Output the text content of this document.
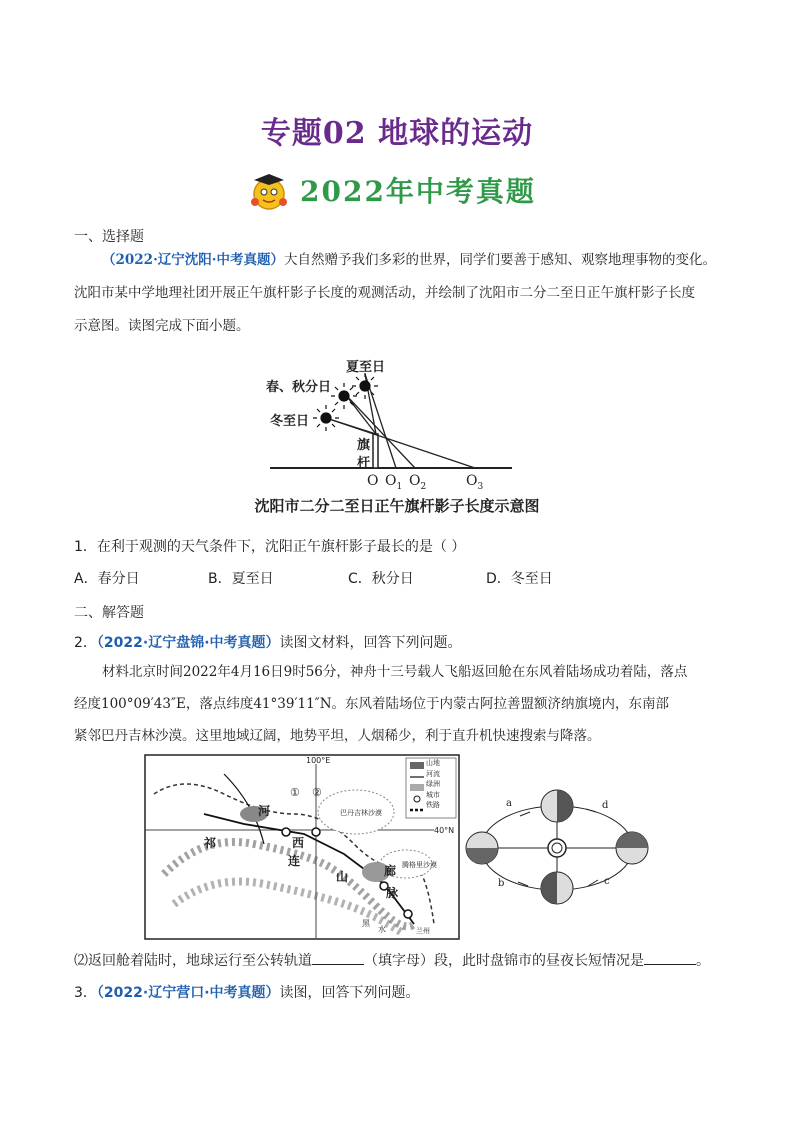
专题02 地球的运动
2022年中考真题
一、选择题
（2022·辽宁沈阳·中考真题）大自然赠予我们多彩的世界，同学们要善于感知、观察地理事物的变化。
沈阳市某中学地理社团开展正午旗杆影子长度的观测活动，并绘制了沈阳市二分二至日正午旗杆影子长度
示意图。读图完成下面小题。
夏至日
春、秋分日
冬至日
旗
杆
O $O_1$ $O_2$	$O_3$
沈阳市二分二至日正午旗杆影子长度示意图
1．在利于观测的天气条件下，沈阳正午旗杆影子最长的是（ ）
A．春分日	B．夏至日	C．秋分日	D．冬至日
二、解答题
2．（2022·辽宁盘锦·中考真题）读图文材料，回答下列问题。
材料北京时间2022年4月16日9时56分，神舟十三号载人飞船返回舱在东风着陆场成功着陆，落点
经度100°09′43″E，落点纬度41°39′11″N。东风着陆场位于内蒙古阿拉善盟额济纳旗境内，东南部
紧邻巴丹吉林沙漠。这里地域辽阔，地势平坦，人烟稀少，利于直升机快速搜索与降落。
100°E
40°N
山地
河流
绿洲
城市
铁路
河
西
祁
连
山
脉
廊
巴丹吉林沙漠
腾格里沙漠
兰州
黑
水
① ②
a	d
b	c
⑵返回舱着陆时，地球运行至公转轨道	（填字母）段，此时盘锦市的昼夜长短情况是	。
3．（2022·辽宁营口·中考真题）读图，回答下列问题。
